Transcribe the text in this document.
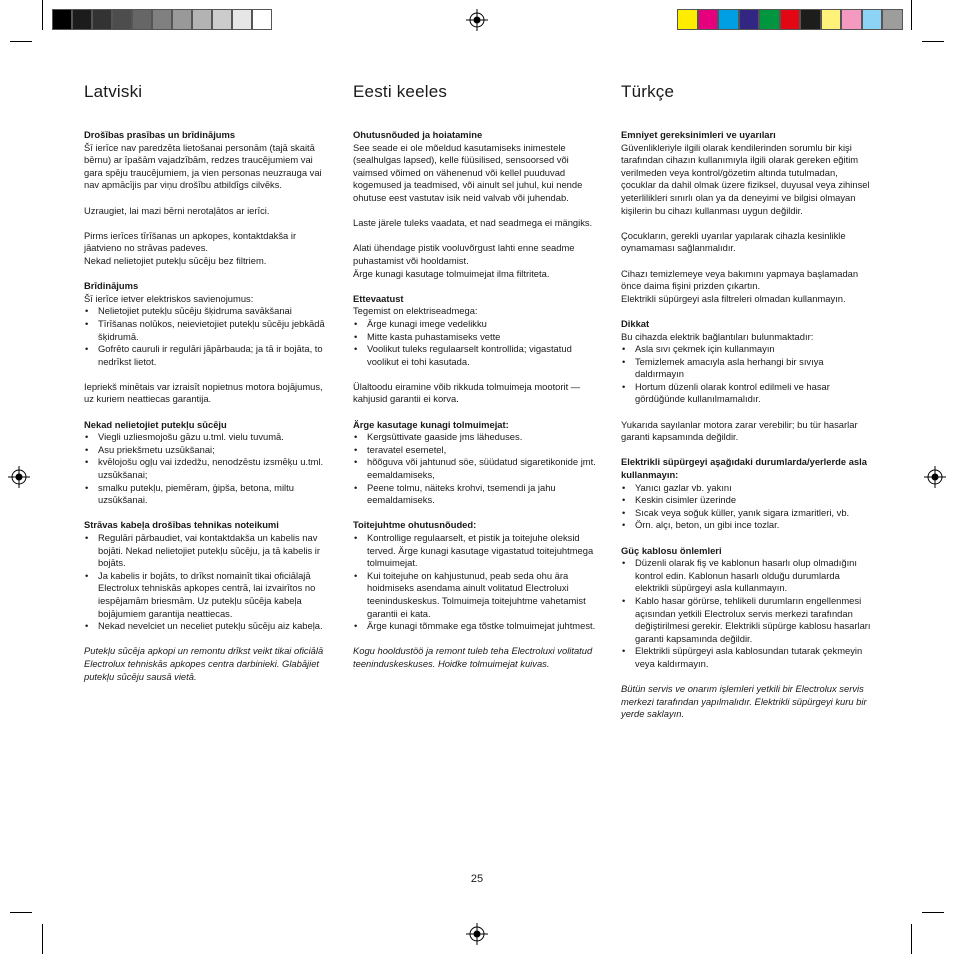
Latviski

Drošības prasības un brīdinājums

Šī ierīce nav paredzēta lietošanai personām (tajā skaitā bērnu) ar īpašām vajadzībām, redzes traucējumiem vai gara spēju traucējumiem, ja vien personas neuzrauga vai nav apmācījis par viņu drošību atbildīgs cilvēks.

Uzraugiet, lai mazi bērni nerotaļātos ar ierīci.

Pirms ierīces tīrīšanas un apkopes, kontaktdakša ir jāatvieno no strāvas padeves.

Nekad nelietojiet putekļu sūcēju bez filtriem.

Brīdinājums

Šī ierīce ietver elektriskos savienojumus:

• Nelietojiet putekļu sūcēju šķidruma savākšanai
• Tīrīšanas nolūkos, neievietojiet putekļu sūcēju jebkādā šķidrumā.
• Gofrēto cauruli ir regulāri jāpārbauda; ja tā ir bojāta, to nedrīkst lietot.

Iepriekš minētais var izraisīt nopietnus motora bojājumus, uz kuriem neattiecas garantija.

Nekad nelietojiet putekļu sūcēju

• Viegli uzliesmojošu gāzu u.tml. vielu tuvumā.
• Asu priekšmetu uzsūkšanai;
• kvēlojošu ogļu vai izdedžu, nenodzēstu izsmēķu u.tml. uzsūkšanai;
• smalku putekļu, piemēram, ģipša, betona, miltu uzsūkšanai.

Strāvas kabeļa drošības tehnikas noteikumi

• Regulāri pārbaudiet, vai kontaktdakša un kabelis nav bojāti. Nekad nelietojiet putekļu sūcēju, ja tā kabelis ir bojāts.
• Ja kabelis ir bojāts, to drīkst nomainīt tikai oficiālajā Electrolux tehniskās apkopes centrā, lai izvairītos no iespējamām briesmām. Uz putekļu sūcēja kabeļa bojājumiem garantija neattiecas.
• Nekad nevelciet un neceliet putekļu sūcēju aiz kabeļa.

Putekļu sūcēja apkopi un remontu drīkst veikt tikai oficiālā Electrolux tehniskās apkopes centra darbinieki. Glabājiet putekļu sūcēju sausā vietā.

Eesti keeles

Ohutusnõuded ja hoiatamine

See seade ei ole mõeldud kasutamiseks inimestele (sealhulgas lapsed), kelle füüsilised, sensoorsed või vaimsed võimed on vähenenud või kellel puuduvad kogemused ja teadmised, või ainult sel juhul, kui nende ohutuse eest vastutav isik neid valvab või juhendab.

Laste järele tuleks vaadata, et nad seadmega ei mängiks.

Alati ühendage pistik vooluvõrgust lahti enne seadme puhastamist või hooldamist.

Ärge kunagi kasutage tolmuimejat ilma filtriteta.

Ettevaatust

Tegemist on elektriseadmega:

• Ärge kunagi imege vedelikku
• Mitte kasta puhastamiseks vette
• Voolikut tuleks regulaarselt kontrollida; vigastatud voolikut ei tohi kasutada.

Ülaltoodu eiramine võib rikkuda tolmuimeja mootorit — kahjusid garantii ei korva.

Ärge kasutage kunagi tolmuimejat:

• Kergsüttivate gaaside jms läheduses.
• teravatel esemetel,
• hõõguva või jahtunud söe, süüdatud sigaretikonide jmt. eemaldamiseks,
• Peene tolmu, näiteks krohvi, tsemendi ja jahu eemaldamiseks.

Toitejuhtme ohutusnõuded:

• Kontrollige regulaarselt, et pistik ja toitejuhe oleksid terved. Ärge kunagi kasutage vigastatud toitejuhtmega tolmuimejat.
• Kui toitejuhe on kahjustunud, peab seda ohu ära hoidmiseks asendama ainult volitatud Electroluxi teeninduskeskus. Tolmuimeja toitejuhtme vahetamist garantii ei kata.
• Ärge kunagi tõmmake ega tõstke tolmuimejat juhtmest.

Kogu hooldustöö ja remont tuleb teha Electroluxi volitatud teeninduskeskuses. Hoidke tolmuimejat kuivas.

Türkçe

Emniyet gereksinimleri ve uyarıları

Güvenlikleriyle ilgili olarak kendilerinden sorumlu bir kişi tarafından cihazın kullanımıyla ilgili olarak gereken eğitim verilmeden veya kontrol/gözetim altında tutulmadan, çocuklar da dahil olmak üzere fiziksel, duyusal veya zihinsel yeterlilikleri sınırlı olan ya da deneyimi ve bilgisi olmayan kişilerin bu cihazı kullanması uygun değildir.

Çocukların, gerekli uyarılar yapılarak cihazla kesinlikle oynamaması sağlanmalıdır.

Cihazı temizlemeye veya bakımını yapmaya başlamadan önce daima fişini prizden çıkartın.

Elektrikli süpürgeyi asla filtreleri olmadan kullanmayın.

Dikkat

Bu cihazda elektrik bağlantıları bulunmaktadır:

• Asla sıvı çekmek için kullanmayın
• Temizlemek amacıyla asla herhangi bir sıvıya daldırmayın
• Hortum düzenli olarak kontrol edilmeli ve hasar gördüğünde kullanılmamalıdır.

Yukarıda sayılanlar motora zarar verebilir; bu tür hasarlar garanti kapsamında değildir.

Elektrikli süpürgeyi aşağıdaki durumlarda/yerlerde asla kullanmayın:

• Yanıcı gazlar vb. yakını
• Keskin cisimler üzerinde
• Sıcak veya soğuk küller, yanık sigara izmaritleri, vb.
• Örn. alçı, beton, un gibi ince tozlar.

Güç kablosu önlemleri

• Düzenli olarak fiş ve kablonun hasarlı olup olmadığını kontrol edin. Kablonun hasarlı olduğu durumlarda elektrikli süpürgeyi asla kullanmayın.
• Kablo hasar görürse, tehlikeli durumların engellenmesi açısından yetkili Electrolux servis merkezi tarafından değiştirilmesi gerekir. Elektrikli süpürge kablosu hasarları garanti kapsamında değildir.
• Elektrikli süpürgeyi asla kablosundan tutarak çekmeyin veya kaldırmayın.

Bütün servis ve onarım işlemleri yetkili bir Electrolux servis merkezi tarafından yapılmalıdır. Elektrikli süpürgeyi kuru bir yerde saklayın.

25
